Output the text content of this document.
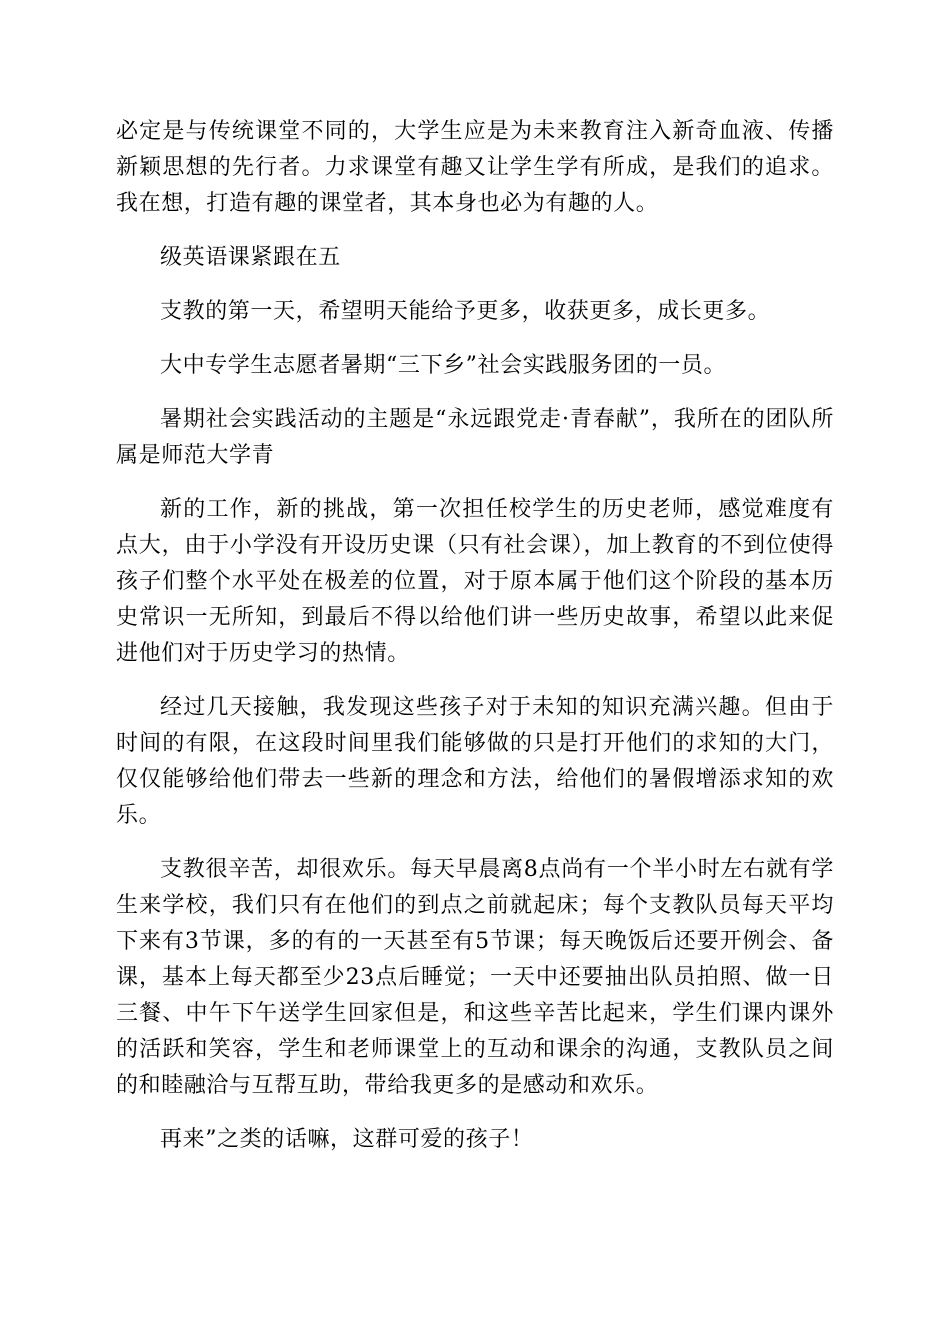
必定是与传统课堂不同的，大学生应是为未来教育注入新奇血液、传播新颖思想的先行者。力求课堂有趣又让学生学有所成，是我们的追求。我在想，打造有趣的课堂者，其本身也必为有趣的人。

级英语课紧跟在五

支教的第一天，希望明天能给予更多，收获更多，成长更多。

大中专学生志愿者暑期“三下乡”社会实践服务团的一员。

暑期社会实践活动的主题是“永远跟党走·青春献”，我所在的团队所属是师范大学青

新的工作，新的挑战，第一次担任校学生的历史老师，感觉难度有点大，由于小学没有开设历史课（只有社会课），加上教育的不到位使得孩子们整个水平处在极差的位置，对于原本属于他们这个阶段的基本历史常识一无所知，到最后不得以给他们讲一些历史故事，希望以此来促进他们对于历史学习的热情。

经过几天接触，我发现这些孩子对于未知的知识充满兴趣。但由于时间的有限，在这段时间里我们能够做的只是打开他们的求知的大门，仅仅能够给他们带去一些新的理念和方法，给他们的暑假增添求知的欢乐。

支教很辛苦，却很欢乐。每天早晨离8点尚有一个半小时左右就有学生来学校，我们只有在他们的到点之前就起床；每个支教队员每天平均下来有3节课，多的有的一天甚至有5节课；每天晚饭后还要开例会、备课，基本上每天都至少23点后睡觉；一天中还要抽出队员拍照、做一日三餐、中午下午送学生回家但是，和这些辛苦比起来，学生们课内课外的活跃和笑容，学生和老师课堂上的互动和课余的沟通，支教队员之间的和睦融洽与互帮互助，带给我更多的是感动和欢乐。

再来”之类的话嘛，这群可爱的孩子！
